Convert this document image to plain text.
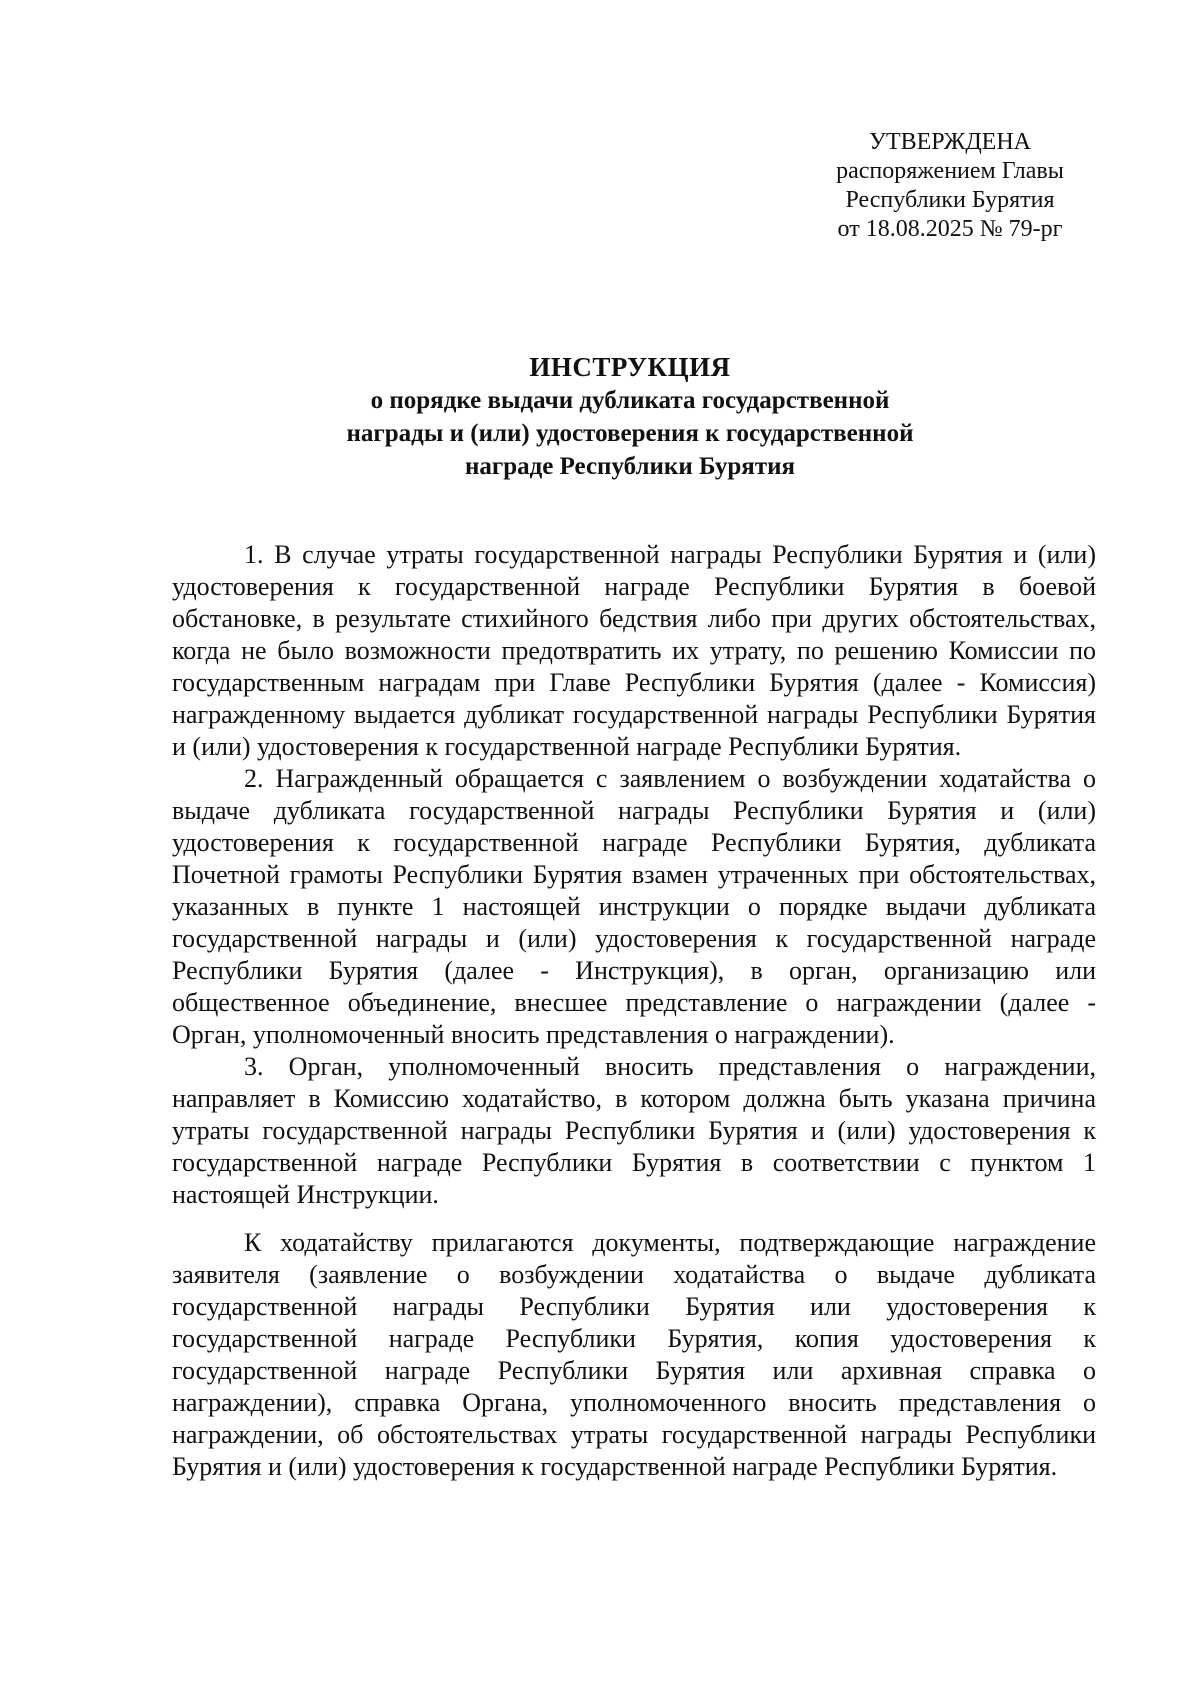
УТВЕРЖДЕНА
распоряжением Главы
Республики Бурятия
от 18.08.2025 № 79-рг
ИНСТРУКЦИЯ
о порядке выдачи дубликата государственной
награды и (или) удостоверения к государственной
награде Республики Бурятия

1. В случае утраты государственной награды Республики Бурятия и (или) удостоверения к государственной награде Республики Бурятия в боевой обстановке, в результате стихийного бедствия либо при других обстоятельствах, когда не было возможности предотвратить их утрату, по решению Комиссии по государственным наградам при Главе Республики Бурятия (далее - Комиссия) награжденному выдается дубликат государственной награды Республики Бурятия и (или) удостоверения к государственной награде Республики Бурятия.

2. Награжденный обращается с заявлением о возбуждении ходатайства о выдаче дубликата государственной награды Республики Бурятия и (или) удостоверения к государственной награде Республики Бурятия, дубликата Почетной грамоты Республики Бурятия взамен утраченных при обстоятельствах, указанных в пункте 1 настоящей инструкции о порядке выдачи дубликата государственной награды и (или) удостоверения к государственной награде Республики Бурятия (далее - Инструкция), в орган, организацию или общественное объединение, внесшее представление о награждении (далее - Орган, уполномоченный вносить представления о награждении).

3. Орган, уполномоченный вносить представления о награждении, направляет в Комиссию ходатайство, в котором должна быть указана причина утраты государственной награды Республики Бурятия и (или) удостоверения к государственной награде Республики Бурятия в соответствии с пунктом 1 настоящей Инструкции.

К ходатайству прилагаются документы, подтверждающие награждение заявителя (заявление о возбуждении ходатайства о выдаче дубликата государственной награды Республики Бурятия или удостоверения к государственной награде Республики Бурятия, копия удостоверения к государственной награде Республики Бурятия или архивная справка о награждении), справка Органа, уполномоченного вносить представления о награждении, об обстоятельствах утраты государственной награды Республики Бурятия и (или) удостоверения к государственной награде Республики Бурятия.
